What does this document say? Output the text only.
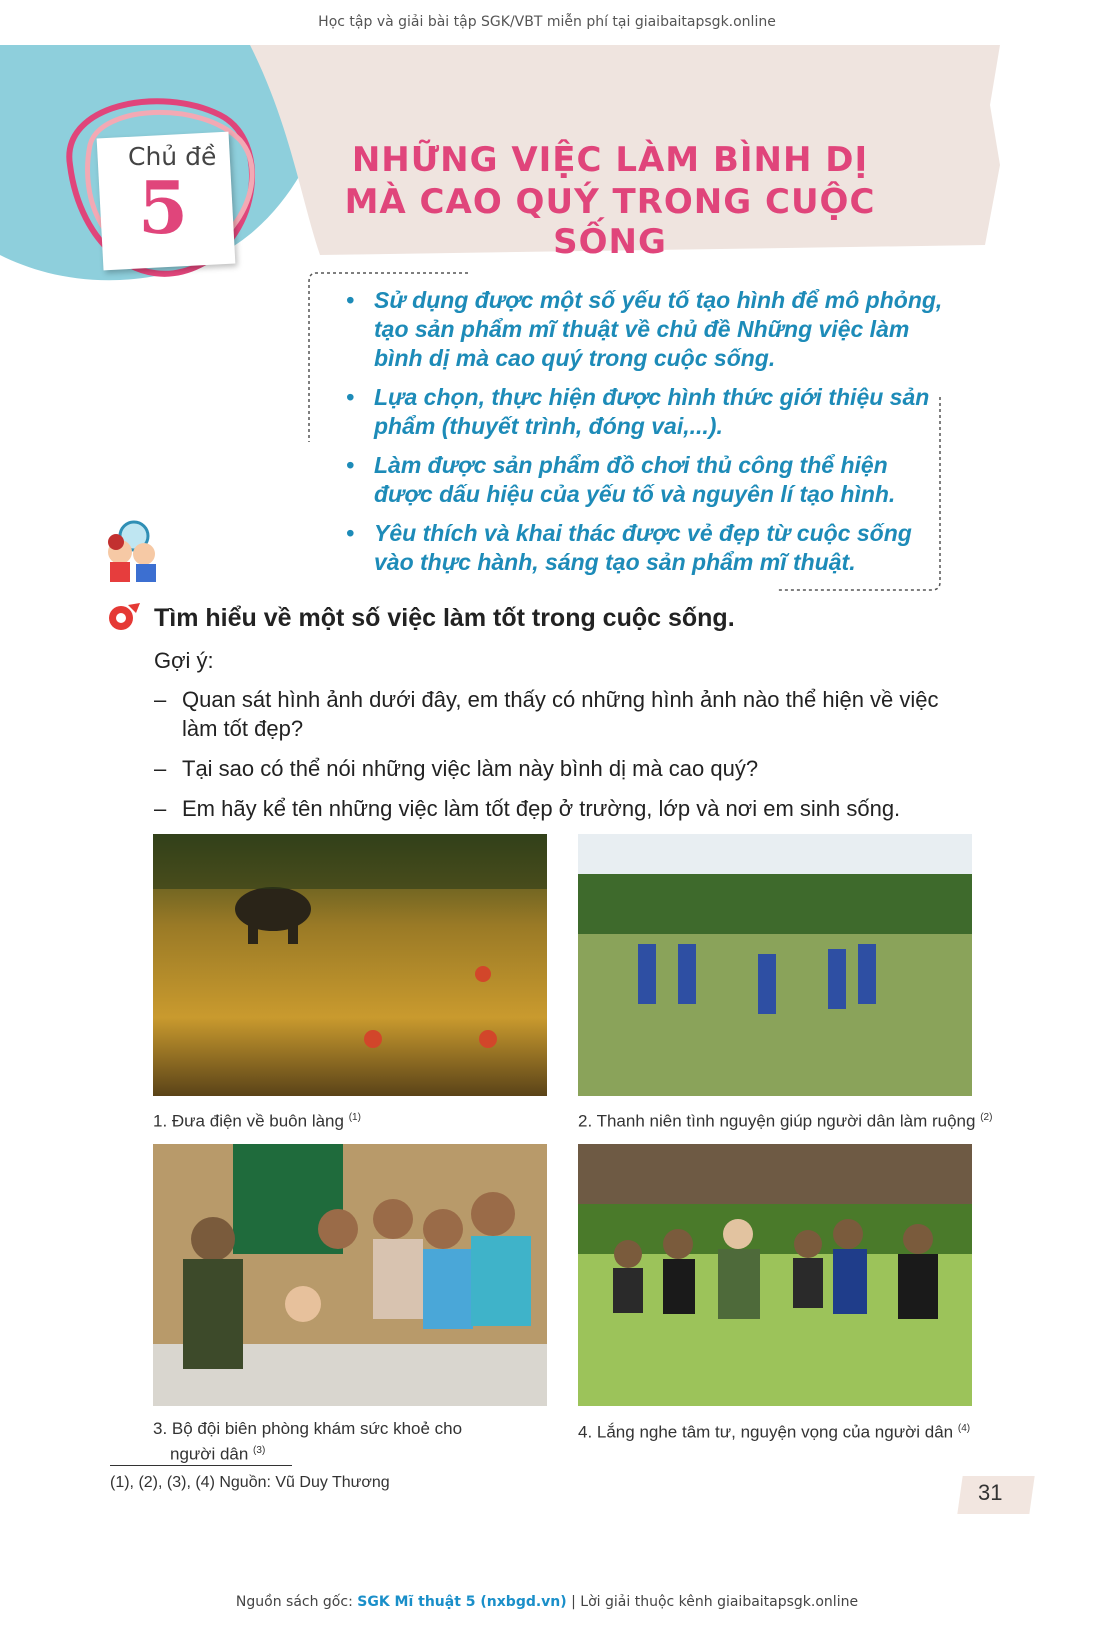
Học tập và giải bài tập SGK/VBT miễn phí tại giaibaitapsgk.online
Chủ đề
5
NHỮNG VIỆC LÀM BÌNH DỊ
MÀ CAO QUÝ TRONG CUỘC SỐNG
• Sử dụng được một số yếu tố tạo hình để mô phỏng, tạo sản phẩm mĩ thuật về chủ đề Những việc làm bình dị mà cao quý trong cuộc sống.
• Lựa chọn, thực hiện được hình thức giới thiệu sản phẩm (thuyết trình, đóng vai,...).
• Làm được sản phẩm đồ chơi thủ công thể hiện được dấu hiệu của yếu tố và nguyên lí tạo hình.
• Yêu thích và khai thác được vẻ đẹp từ cuộc sống vào thực hành, sáng tạo sản phẩm mĩ thuật.
Tìm hiểu về một số việc làm tốt trong cuộc sống.
Gợi ý:
– Quan sát hình ảnh dưới đây, em thấy có những hình ảnh nào thể hiện về việc làm tốt đẹp?
– Tại sao có thể nói những việc làm này bình dị mà cao quý?
– Em hãy kể tên những việc làm tốt đẹp ở trường, lớp và nơi em sinh sống.
1. Đưa điện về buôn làng $^{(1)}$	2. Thanh niên tình nguyện giúp người dân làm ruộng $^{(2)}$
3. Bộ đội biên phòng khám sức khoẻ cho
người dân $^{(3)}$
4. Lắng nghe tâm tư, nguyện vọng của người dân $^{(4)}$
(1), (2), (3), (4) Nguồn: Vũ Duy Thương	31
Nguồn sách gốc: SGK Mĩ thuật 5 (nxbgd.vn) | Lời giải thuộc kênh giaibaitapsgk.online
